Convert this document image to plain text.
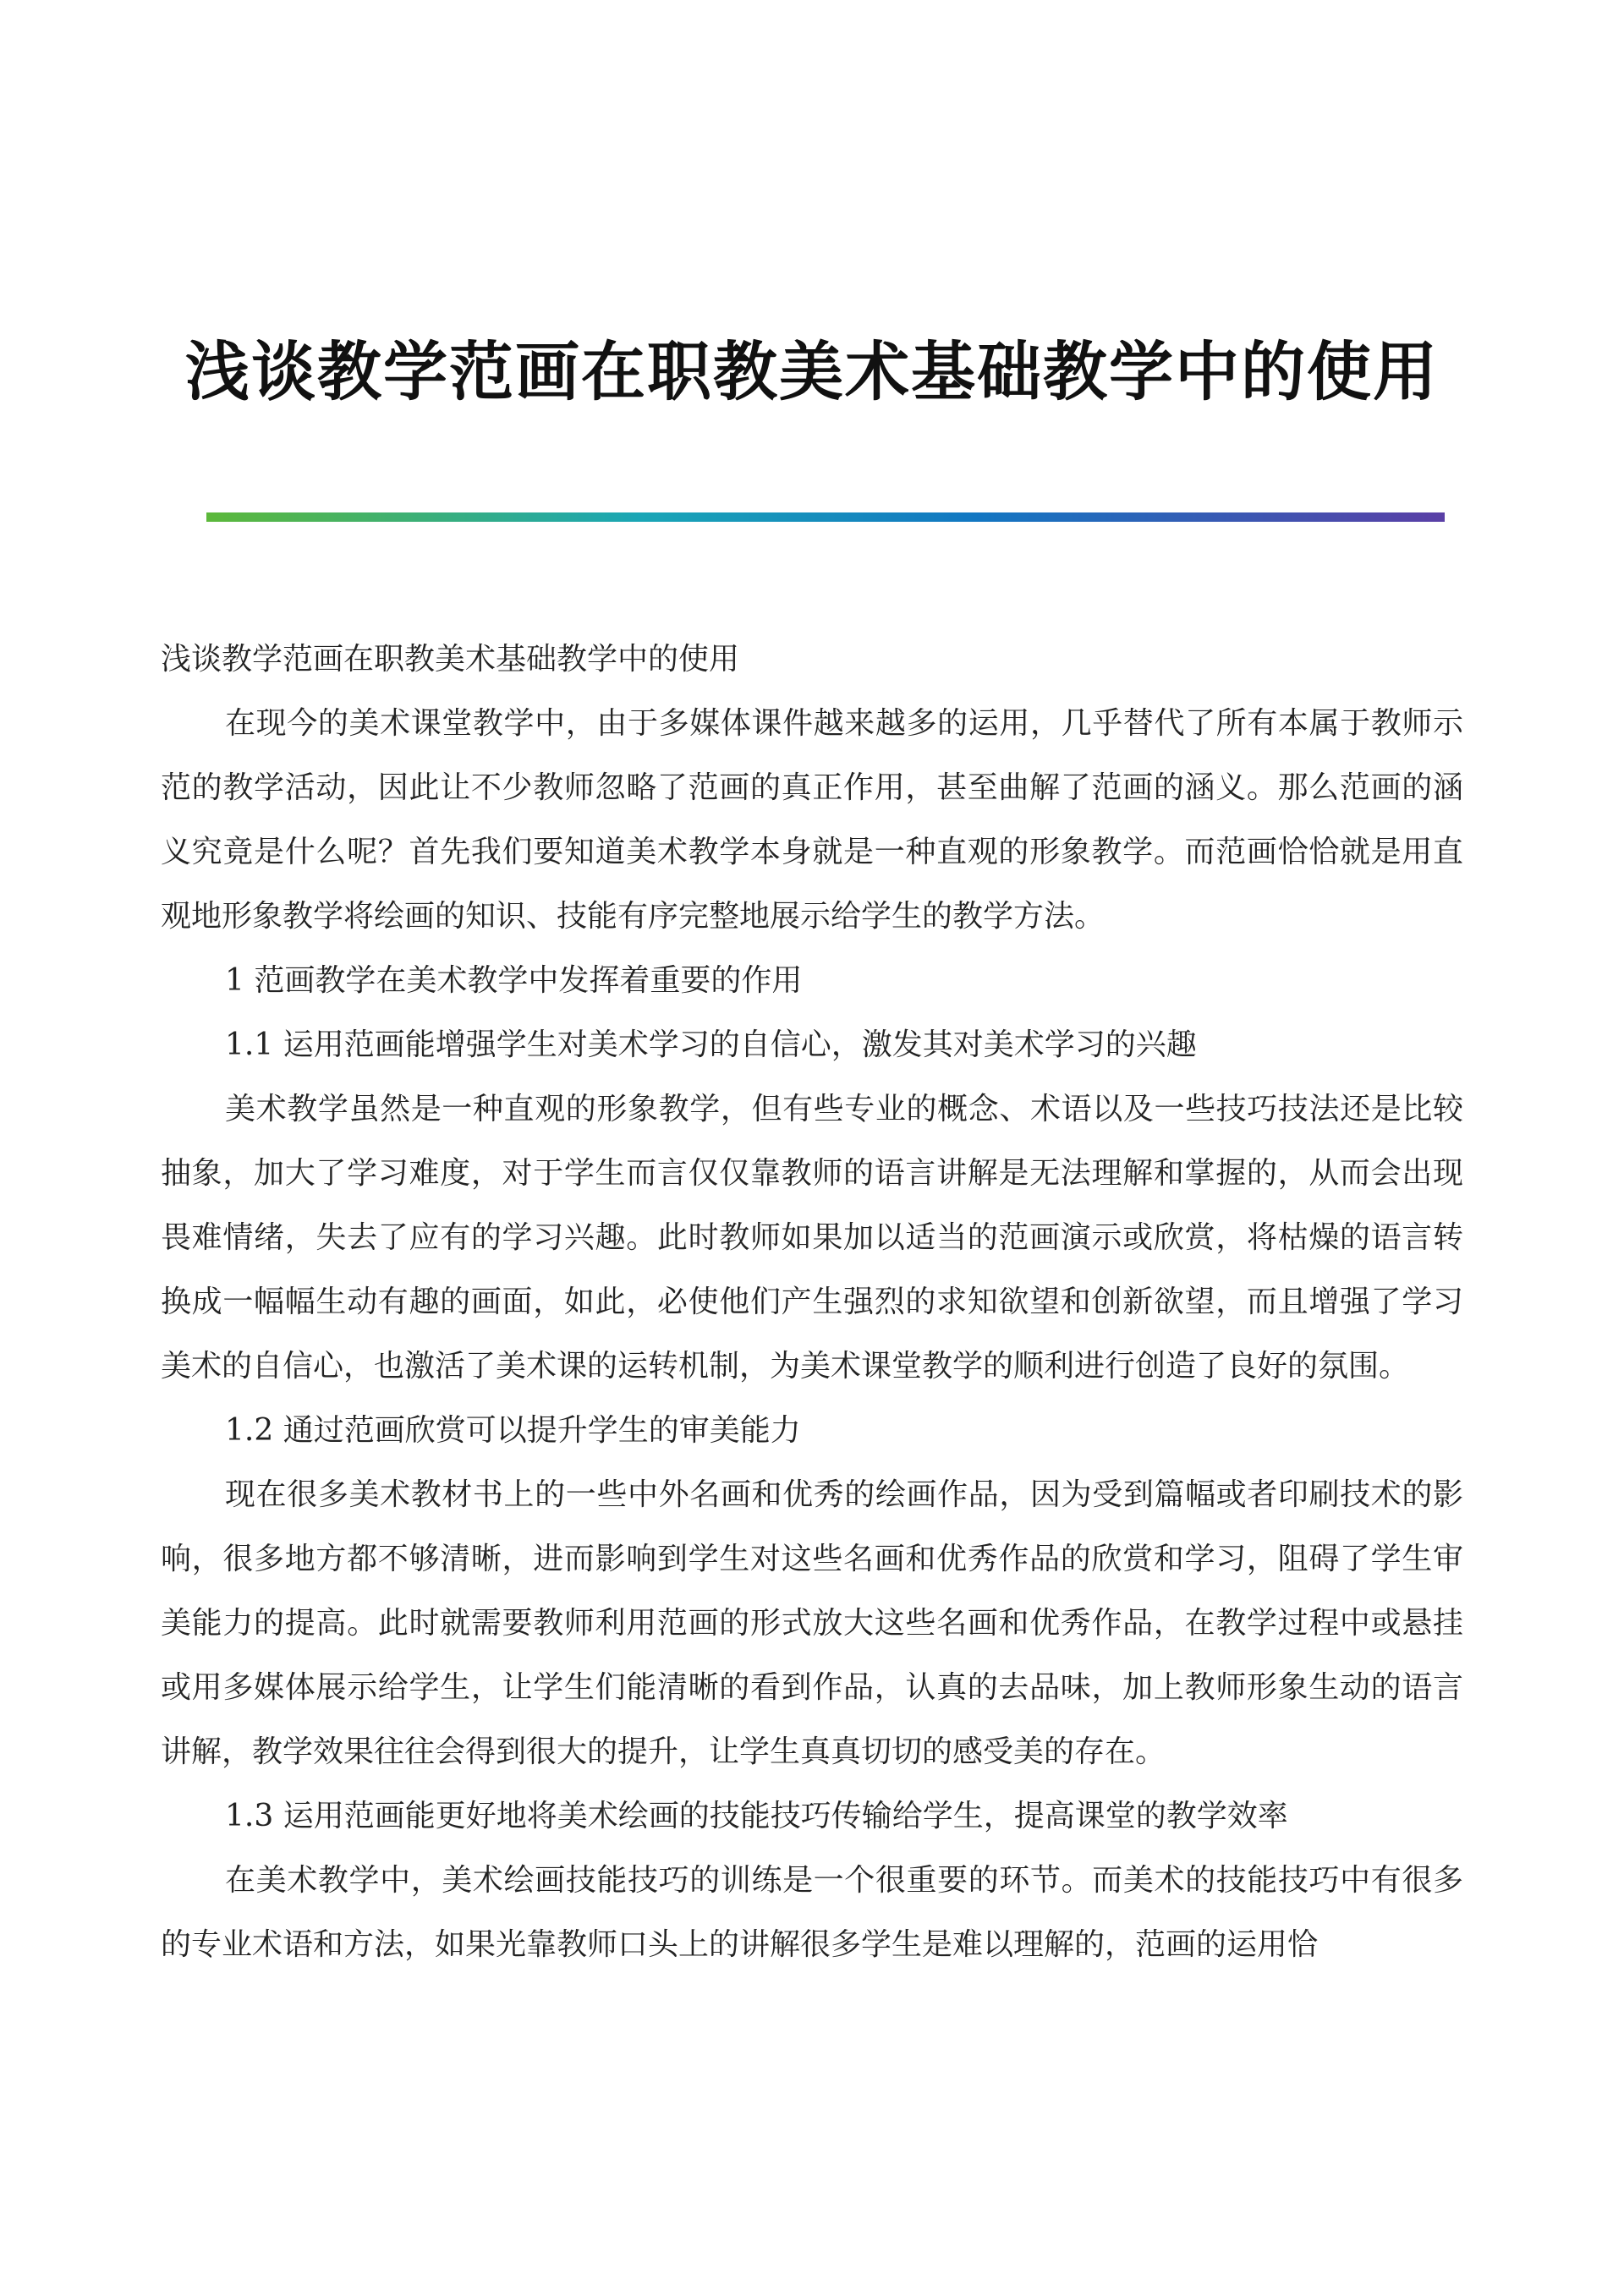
浅谈教学范画在职教美术基础教学中的使用

浅谈教学范画在职教美术基础教学中的使用

在现今的美术课堂教学中，由于多媒体课件越来越多的运用，几乎替代了所有本属于教师示范的教学活动，因此让不少教师忽略了范画的真正作用，甚至曲解了范画的涵义。那么范画的涵义究竟是什么呢？首先我们要知道美术教学本身就是一种直观的形象教学。而范画恰恰就是用直观地形象教学将绘画的知识、技能有序完整地展示给学生的教学方法。

1 范画教学在美术教学中发挥着重要的作用

1.1 运用范画能增强学生对美术学习的自信心，激发其对美术学习的兴趣

美术教学虽然是一种直观的形象教学，但有些专业的概念、术语以及一些技巧技法还是比较抽象，加大了学习难度，对于学生而言仅仅靠教师的语言讲解是无法理解和掌握的，从而会出现畏难情绪，失去了应有的学习兴趣。此时教师如果加以适当的范画演示或欣赏，将枯燥的语言转换成一幅幅生动有趣的画面，如此，必使他们产生强烈的求知欲望和创新欲望，而且增强了学习美术的自信心，也激活了美术课的运转机制，为美术课堂教学的顺利进行创造了良好的氛围。

1.2 通过范画欣赏可以提升学生的审美能力

现在很多美术教材书上的一些中外名画和优秀的绘画作品，因为受到篇幅或者印刷技术的影响，很多地方都不够清晰，进而影响到学生对这些名画和优秀作品的欣赏和学习，阻碍了学生审美能力的提高。此时就需要教师利用范画的形式放大这些名画和优秀作品，在教学过程中或悬挂或用多媒体展示给学生，让学生们能清晰的看到作品，认真的去品味，加上教师形象生动的语言讲解，教学效果往往会得到很大的提升，让学生真真切切的感受美的存在。

1.3 运用范画能更好地将美术绘画的技能技巧传输给学生，提高课堂的教学效率

在美术教学中，美术绘画技能技巧的训练是一个很重要的环节。而美术的技能技巧中有很多的专业术语和方法，如果光靠教师口头上的讲解很多学生是难以理解的，范画的运用恰
